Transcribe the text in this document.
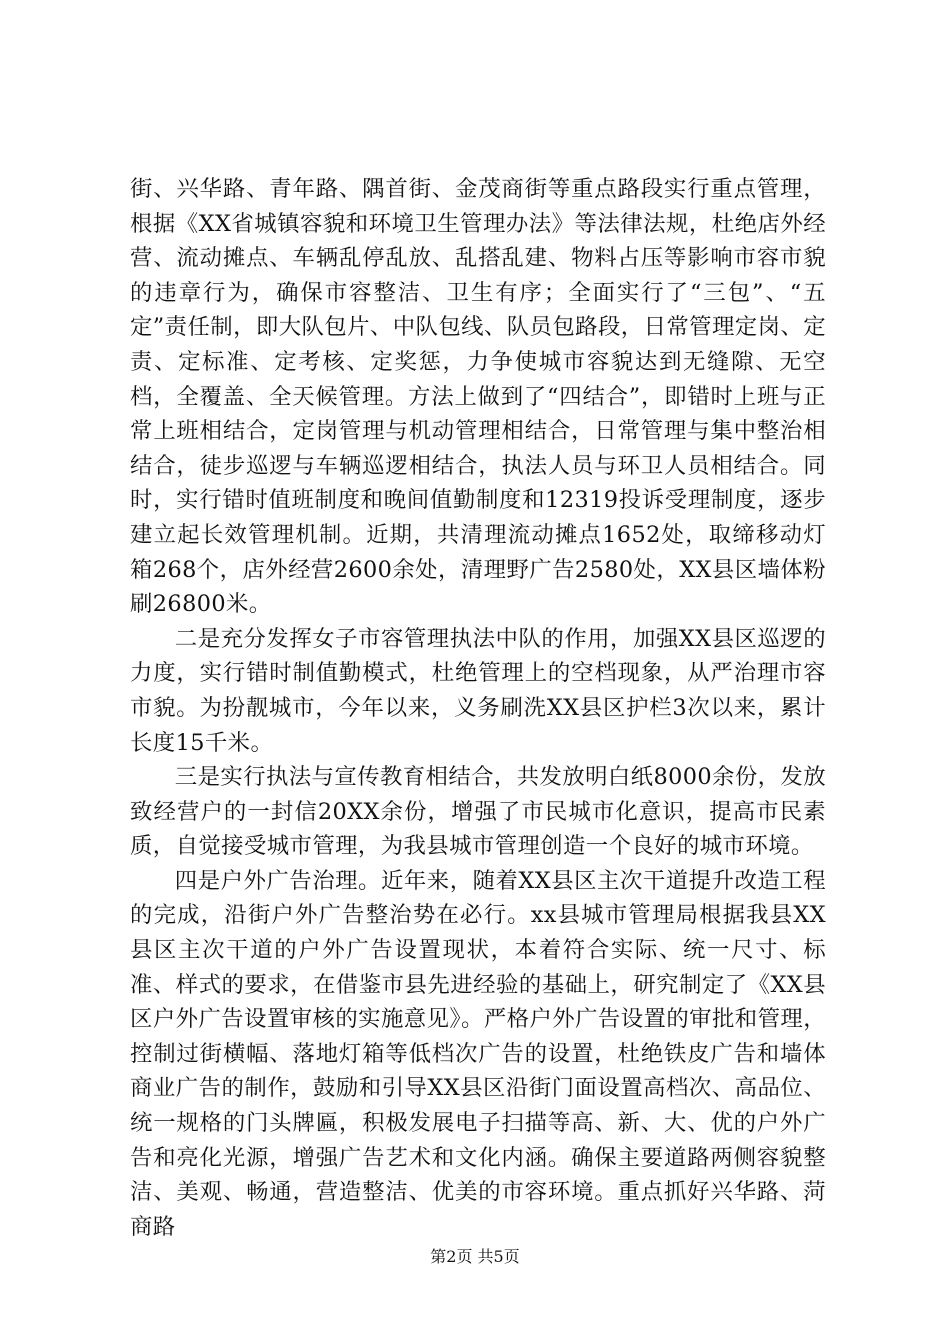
街、兴华路、青年路、隅首街、金茂商街等重点路段实行重点管理，根据《XX省城镇容貌和环境卫生管理办法》等法律法规，杜绝店外经营、流动摊点、车辆乱停乱放、乱搭乱建、物料占压等影响市容市貌的违章行为，确保市容整洁、卫生有序；全面实行了“三包”、“五定”责任制，即大队包片、中队包线、队员包路段，日常管理定岗、定责、定标准、定考核、定奖惩，力争使城市容貌达到无缝隙、无空档，全覆盖、全天候管理。方法上做到了“四结合”，即错时上班与正常上班相结合，定岗管理与机动管理相结合，日常管理与集中整治相结合，徒步巡逻与车辆巡逻相结合，执法人员与环卫人员相结合。同时，实行错时值班制度和晚间值勤制度和12319投诉受理制度，逐步建立起长效管理机制。近期，共清理流动摊点1652处，取缔移动灯箱268个，店外经营2600余处，清理野广告2580处，XX县区墙体粉刷26800米。

二是充分发挥女子市容管理执法中队的作用，加强XX县区巡逻的力度，实行错时制值勤模式，杜绝管理上的空档现象，从严治理市容市貌。为扮靓城市，今年以来，义务刷洗XX县区护栏3次以来，累计长度15千米。

三是实行执法与宣传教育相结合，共发放明白纸8000余份，发放致经营户的一封信20XX余份，增强了市民城市化意识，提高市民素质，自觉接受城市管理，为我县城市管理创造一个良好的城市环境。

四是户外广告治理。近年来，随着XX县区主次干道提升改造工程的完成，沿街户外广告整治势在必行。xx县城市管理局根据我县XX县区主次干道的户外广告设置现状，本着符合实际、统一尺寸、标准、样式的要求，在借鉴市县先进经验的基础上，研究制定了《XX县区户外广告设置审核的实施意见》。严格户外广告设置的审批和管理，控制过街横幅、落地灯箱等低档次广告的设置，杜绝铁皮广告和墙体商业广告的制作，鼓励和引导XX县区沿街门面设置高档次、高品位、统一规格的门头牌匾，积极发展电子扫描等高、新、大、优的户外广告和亮化光源，增强广告艺术和文化内涵。确保主要道路两侧容貌整洁、美观、畅通，营造整洁、优美的市容环境。重点抓好兴华路、菏商路

第2页 共5页
